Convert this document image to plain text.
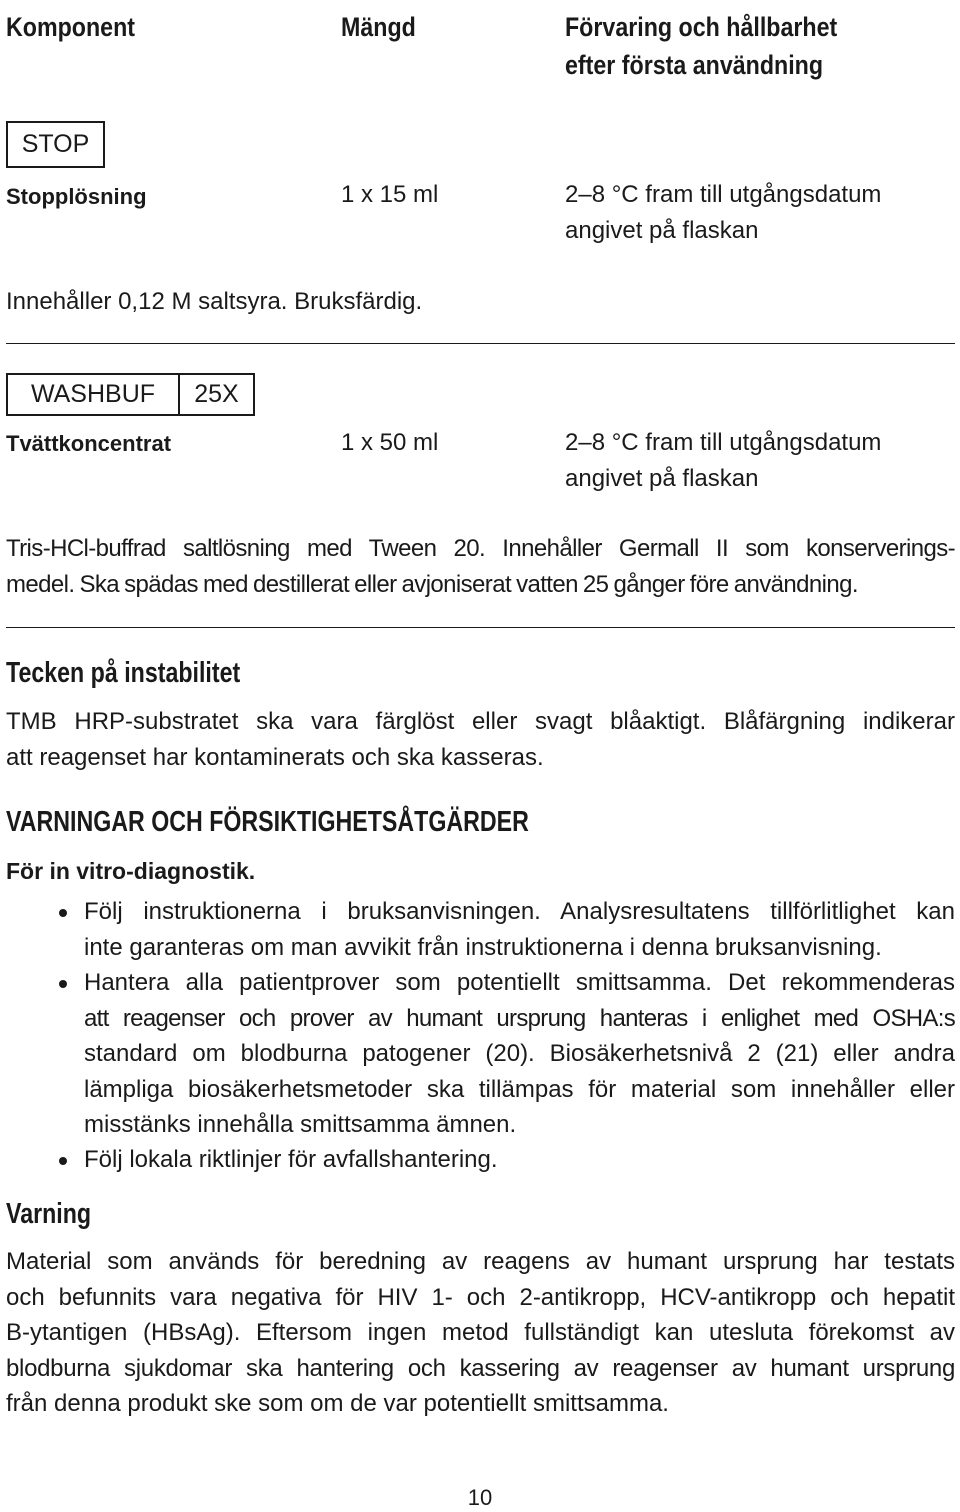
Komponent	Mängd	Förvaring och hållbarhet
efter första användning
STOP
Stopplösning	1 x 15 ml	2–8 °C fram till utgångsdatum
angivet på flaskan
Innehåller 0,12 M saltsyra. Bruksfärdig.
WASHBUF	25X
Tvättkoncentrat	1 x 50 ml	2–8 °C fram till utgångsdatum
angivet på flaskan
Tris-HCl-buffrad saltlösning med Tween 20. Innehåller Germall II som konserverings-
medel. Ska spädas med destillerat eller avjoniserat vatten 25 gånger före användning.
Tecken på instabilitet
TMB HRP-substratet ska vara färglöst eller svagt blåaktigt. Blåfärgning indikerar
att reagenset har kontaminerats och ska kasseras.
VARNINGAR OCH FÖRSIKTIGHETSÅTGÄRDER
För in vitro-diagnostik.
Följ instruktionerna i bruksanvisningen. Analysresultatens tillförlitlighet kan
inte garanteras om man avvikit från instruktionerna i denna bruksanvisning.
Hantera alla patientprover som potentiellt smittsamma. Det rekommenderas
att reagenser och prover av humant ursprung hanteras i enlighet med OSHA:s
standard om blodburna patogener (20). Biosäkerhetsnivå 2 (21) eller andra
lämpliga biosäkerhetsmetoder ska tillämpas för material som innehåller eller
misstänks innehålla smittsamma ämnen.
Följ lokala riktlinjer för avfallshantering.
Varning
Material som används för beredning av reagens av humant ursprung har testats
och befunnits vara negativa för HIV 1- och 2-antikropp, HCV-antikropp och hepatit
B-ytantigen (HBsAg). Eftersom ingen metod fullständigt kan utesluta förekomst av
blodburna sjukdomar ska hantering och kassering av reagenser av humant ursprung
från denna produkt ske som om de var potentiellt smittsamma.
10
